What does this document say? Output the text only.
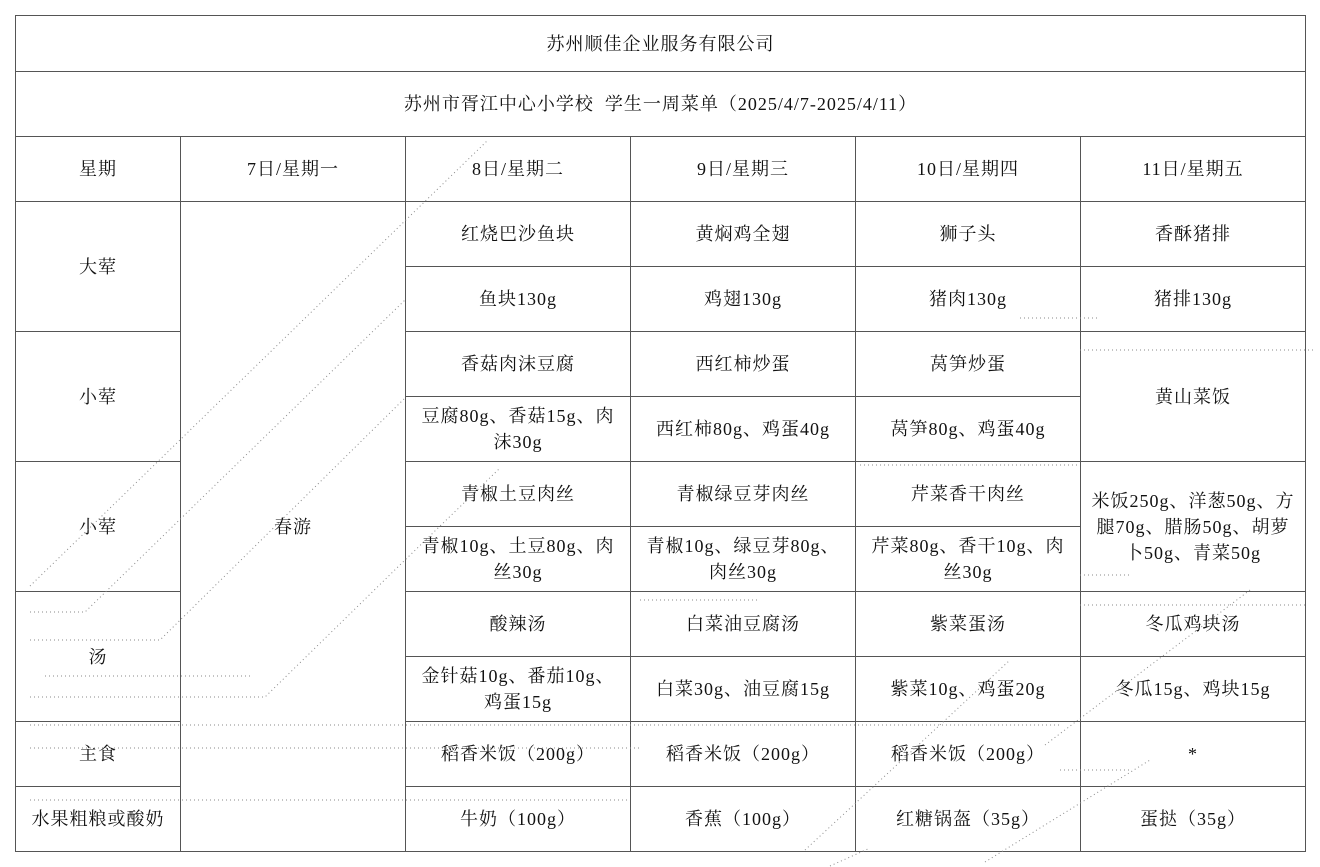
苏州顺佳企业服务有限公司					
苏州市胥江中心小学校  学生一周菜单（2025/4/7-2025/4/11）					
星期	7日/星期一	8日/星期二	9日/星期三	10日/星期四	11日/星期五
大荤	春游	红烧巴沙鱼块	黄焖鸡全翅	狮子头	香酥猪排
		鱼块130g	鸡翅130g	猪肉130g	猪排130g
小荤		香菇肉沫豆腐	西红柿炒蛋	莴笋炒蛋	黄山菜饭
		豆腐80g、香菇15g、肉沫30g	西红柿80g、鸡蛋40g	莴笋80g、鸡蛋40g	
小荤		青椒土豆肉丝	青椒绿豆芽肉丝	芹菜香干肉丝	米饭250g、洋葱50g、方腿70g、腊肠50g、胡萝卜50g、青菜50g
		青椒10g、土豆80g、肉丝30g	青椒10g、绿豆芽80g、肉丝30g	芹菜80g、香干10g、肉丝30g	
汤		酸辣汤	白菜油豆腐汤	紫菜蛋汤	冬瓜鸡块汤
		金针菇10g、番茄10g、鸡蛋15g	白菜30g、油豆腐15g	紫菜10g、鸡蛋20g	冬瓜15g、鸡块15g
主食		稻香米饭（200g）	稻香米饭（200g）	稻香米饭（200g）	*
水果粗粮或酸奶		牛奶（100g）	香蕉（100g）	红糖锅盔（35g）	蛋挞（35g）
